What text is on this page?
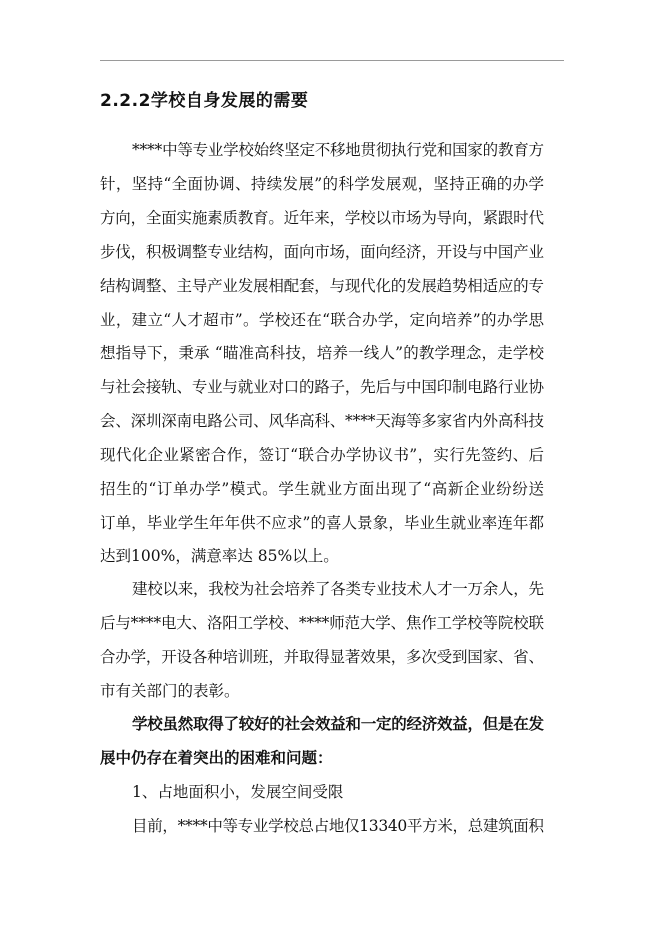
2.2.2学校自身发展的需要
****中等专业学校始终坚定不移地贯彻执行党和国家的教育方
针，坚持“全面协调、持续发展”的科学发展观，坚持正确的办学
方向，全面实施素质教育。近年来，学校以市场为导向，紧跟时代
步伐，积极调整专业结构，面向市场，面向经济，开设与中国产业
结构调整、主导产业发展相配套，与现代化的发展趋势相适应的专
业，建立“人才超市”。学校还在“联合办学，定向培养”的办学思
想指导下，秉承 “瞄准高科技，培养一线人”的教学理念，走学校
与社会接轨、专业与就业对口的路子，先后与中国印制电路行业协
会、深圳深南电路公司、风华高科、****天海等多家省内外高科技
现代化企业紧密合作，签订“联合办学协议书”，实行先签约、后
招生的“订单办学”模式。学生就业方面出现了“高新企业纷纷送
订单，毕业学生年年供不应求”的喜人景象，毕业生就业率连年都
达到100%，满意率达 85%以上。
建校以来，我校为社会培养了各类专业技术人才一万余人，先
后与****电大、洛阳工学校、****师范大学、焦作工学校等院校联
合办学，开设各种培训班，并取得显著效果，多次受到国家、省、
市有关部门的表彰。
学校虽然取得了较好的社会效益和一定的经济效益，但是在发
展中仍存在着突出的困难和问题：
1、占地面积小，发展空间受限
目前，****中等专业学校总占地仅13340平方米，总建筑面积
